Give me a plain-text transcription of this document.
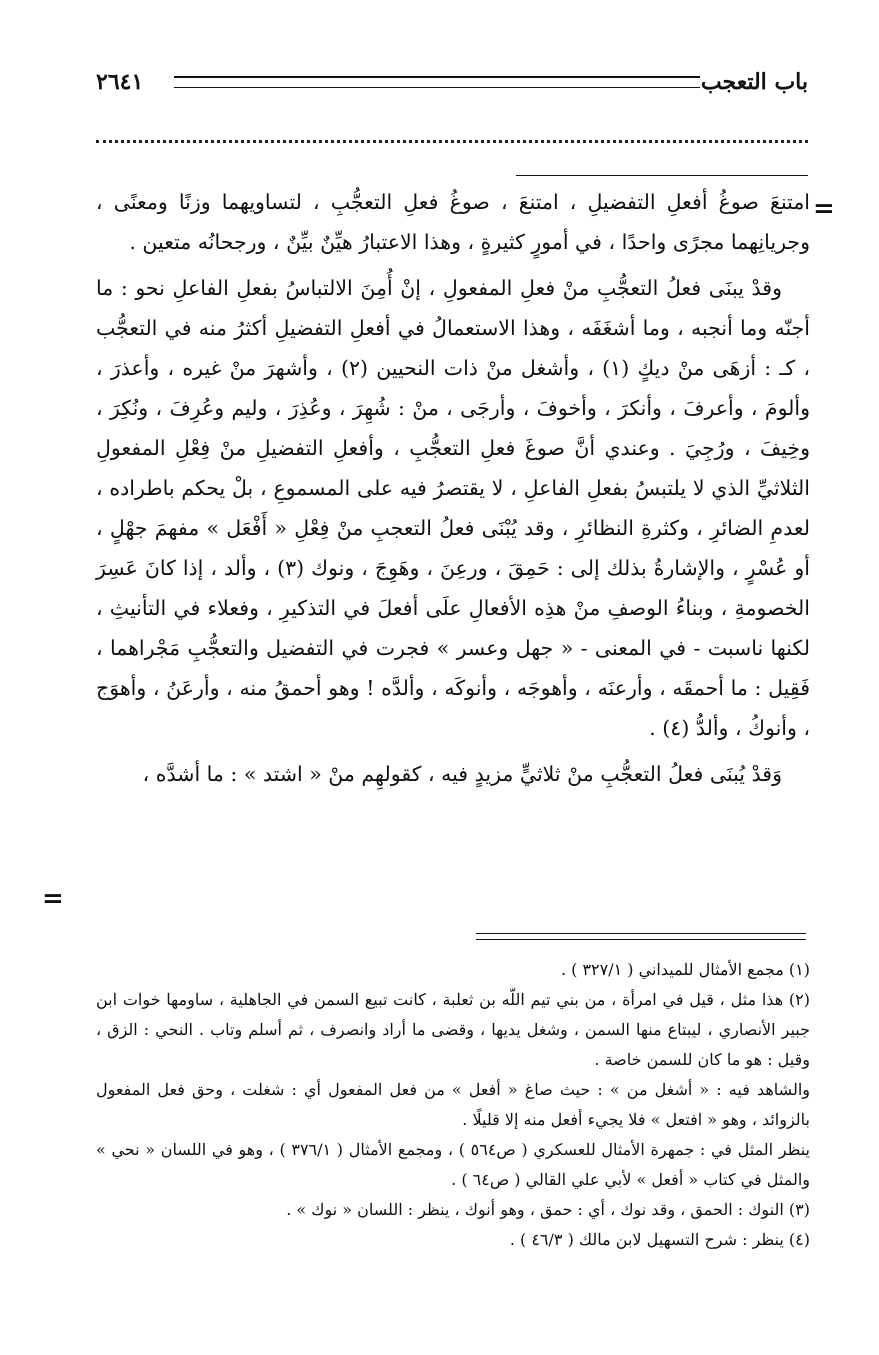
باب التعجب
٢٦٤١
=

امتنعَ صوغُ أفعلِ التفضيلِ ، امتنعَ ، صوغُ فعلِ التعجُّبِ ، لتساويهما وزنًا ومعنًى ، وجريانِهما مجرًى واحدًا ، في أمورٍ كثيرةٍ ، وهذا الاعتبارُ هيِّنٌ بيِّنٌ ، ورجحانُه متعين .

وقدْ يبنَى فعلُ التعجُّبِ منْ فعلِ المفعولِ ، إنْ أُمِنَ الالتباسُ بفعلِ الفاعلِ نحو : ما أجنّه وما أنجبه ، وما أشغَفَه ، وهذا الاستعمالُ في أفعلِ التفضيلِ أكثرُ منه في التعجُّب ، كـ : أزهَى منْ ديكٍ (١) ، وأشغل منْ ذات النحيين (٢) ، وأشهرَ منْ غيره ، وأعذرَ ، وألومَ ، وأعرفَ ، وأنكرَ ، وأخوفَ ، وأرجَى ، منْ : شُهِرَ ، وعُذِرَ ، وليم وعُرِفَ ، ونُكِرَ ، وخِيفَ ، ورُجِيَ . وعندي أنَّ صوغَ فعلِ التعجُّبِ ، وأفعلِ التفضيلِ منْ فِعْلِ المفعولِ الثلاثيِّ الذي لا يلتبسُ بفعلِ الفاعلِ ، لا يقتصرُ فيه على المسموعِ ، بلْ يحكم باطراده ، لعدمِ الضائرِ ، وكثرةِ النظائرِ ، وقد يُبْنَى فعلُ التعجبِ منْ فِعْلِ « أَفْعَل » مفهمَ جهْلٍ ، أو عُسْرٍ ، والإشارةُ بذلك إلى : حَمِقَ ، ورعِنَ ، وهَوِجَ ، ونوك (٣) ، وألد ، إذا كانَ عَسِرَ الخصومةِ ، وبناءُ الوصفِ منْ هذِه الأفعالِ علَى أفعلَ في التذكيرِ ، وفعلاء في التأنيثِ ، لكنها ناسبت - في المعنى - « جهل وعسر » فجرت في التفضيل والتعجُّبِ مَجْراهما ، فَقِيل : ما أحمقَه ، وأرعنَه ، وأهوجَه ، وأنوكَه ، وألدَّه ! وهو أحمقُ منه ، وأرعَنُ ، وأهوَج ، وأنوكُ ، وألدُّ (٤) .

وَقدْ يُبنَى فعلُ التعجُّبِ منْ ثلاثيٍّ مزيدٍ فيه ، كقولهِم منْ « اشتد » : ما أشدَّه ،

=

(١) مجمع الأمثال للميداني ( ٣٢٧/١ ) .

(٢) هذا مثل ، قيل في امرأة ، من بني تيم اللّه بن ثعلبة ، كانت تبيع السمن في الجاهلية ، ساومها خوات ابن جبير الأنصاري ، ليبتاع منها السمن ، وشغل يديها ، وقضى ما أراد وانصرف ، ثم أسلم وتاب . النحي : الزق ، وقيل : هو ما كان للسمن خاصة .

والشاهد فيه : « أشغل من » : حيث صاغ « أفعل » من فعل المفعول أي : شغلت ، وحق فعل المفعول بالزوائد ، وهو « افتعل » فلا يجيء أفعل منه إلا قليلًا .

ينظر المثل في : جمهرة الأمثال للعسكري ( ص٥٦٤ ) ، ومجمع الأمثال ( ٣٧٦/١ ) ، وهو في اللسان « نحي » والمثل في كتاب « أفعل » لأبي علي القالي ( ص٦٤ ) .

(٣) النوك : الحمق ، وقد نوك ، أي : حمق ، وهو أنوك ، ينظر : اللسان « نوك » .

(٤) ينظر : شرح التسهيل لابن مالك ( ٤٦/٣ ) .
